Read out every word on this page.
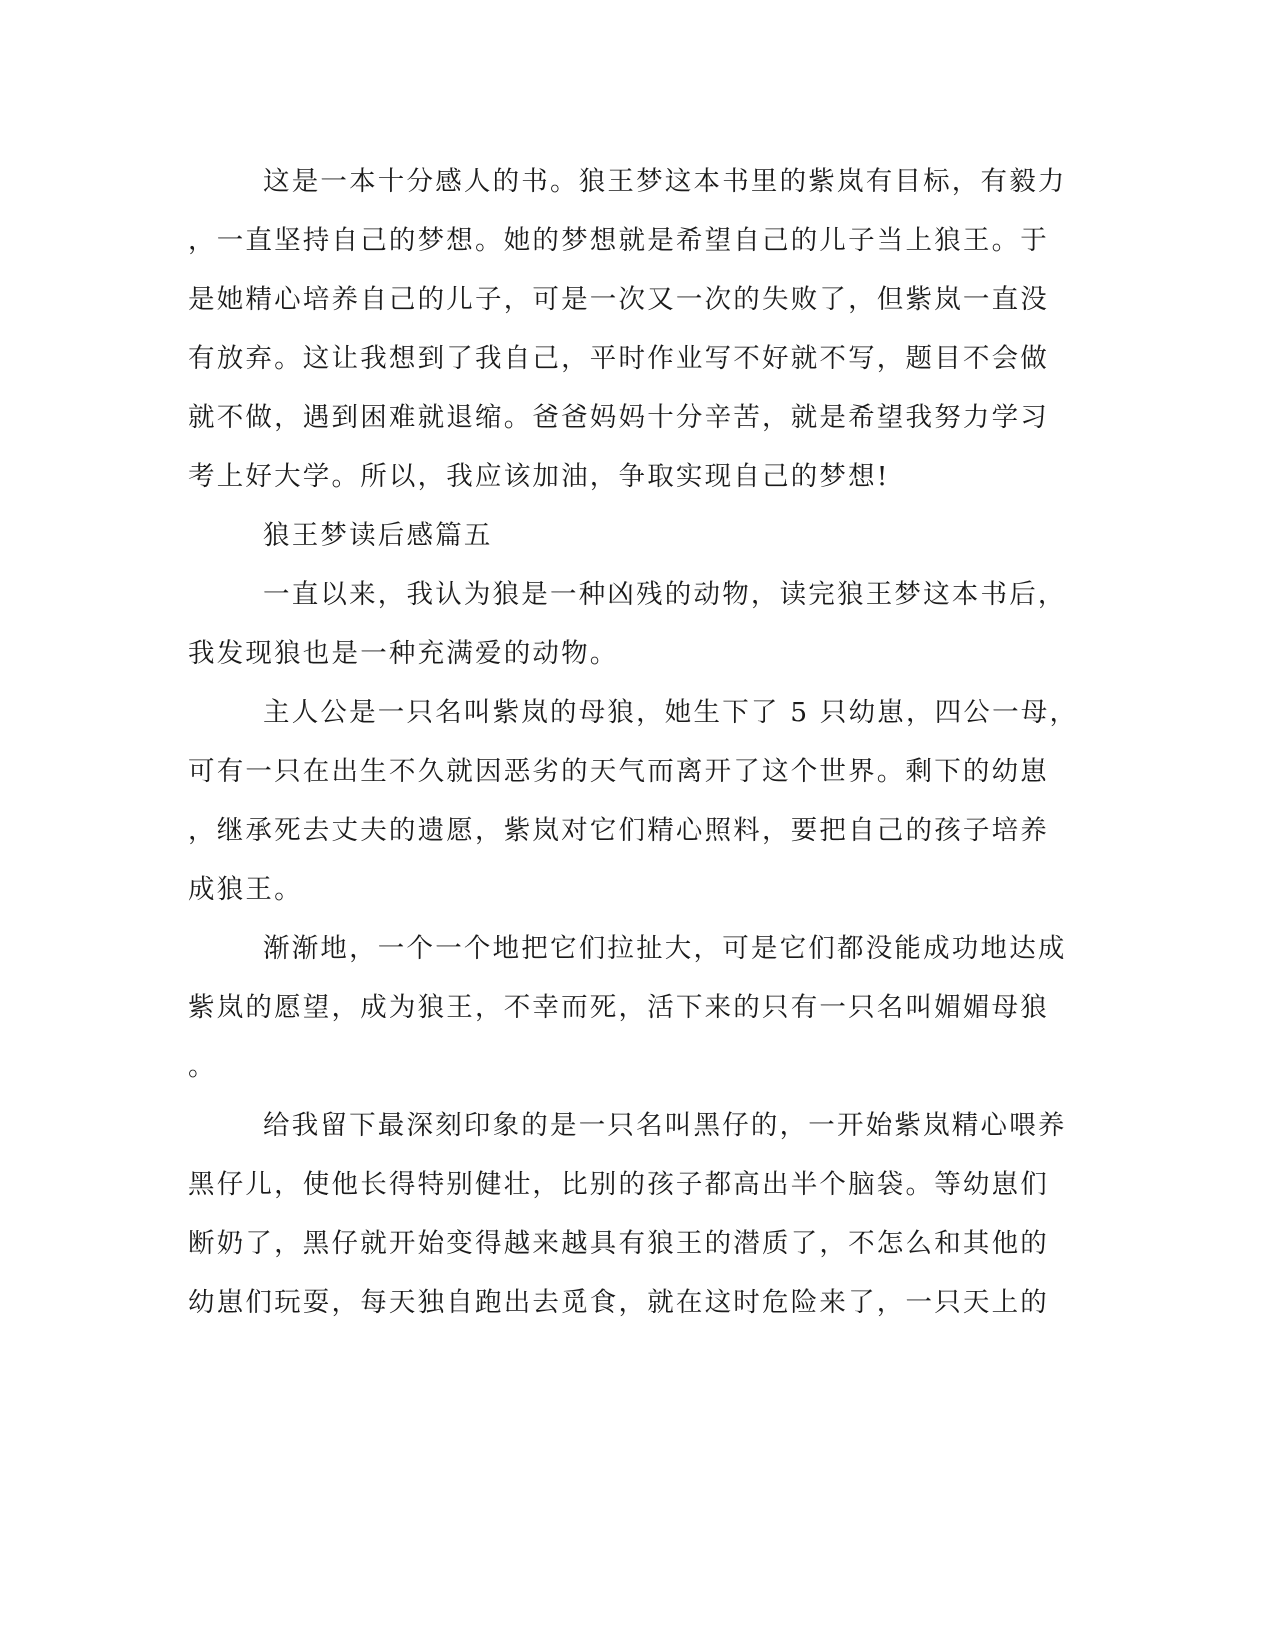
这是一本十分感人的书。狼王梦这本书里的紫岚有目标，有毅力

，一直坚持自己的梦想。她的梦想就是希望自己的儿子当上狼王。于

是她精心培养自己的儿子，可是一次又一次的失败了，但紫岚一直没

有放弃。这让我想到了我自己，平时作业写不好就不写，题目不会做

就不做，遇到困难就退缩。爸爸妈妈十分辛苦，就是希望我努力学习

考上好大学。所以，我应该加油，争取实现自己的梦想!

狼王梦读后感篇五

一直以来，我认为狼是一种凶残的动物，读完狼王梦这本书后，

我发现狼也是一种充满爱的动物。

主人公是一只名叫紫岚的母狼，她生下了 5 只幼崽，四公一母，

可有一只在出生不久就因恶劣的天气而离开了这个世界。剩下的幼崽

，继承死去丈夫的遗愿，紫岚对它们精心照料，要把自己的孩子培养

成狼王。

渐渐地，一个一个地把它们拉扯大，可是它们都没能成功地达成

紫岚的愿望，成为狼王，不幸而死，活下来的只有一只名叫媚媚母狼

。

给我留下最深刻印象的是一只名叫黑仔的，一开始紫岚精心喂养

黑仔儿，使他长得特别健壮，比别的孩子都高出半个脑袋。等幼崽们

断奶了，黑仔就开始变得越来越具有狼王的潜质了，不怎么和其他的

幼崽们玩耍，每天独自跑出去觅食，就在这时危险来了，一只天上的
